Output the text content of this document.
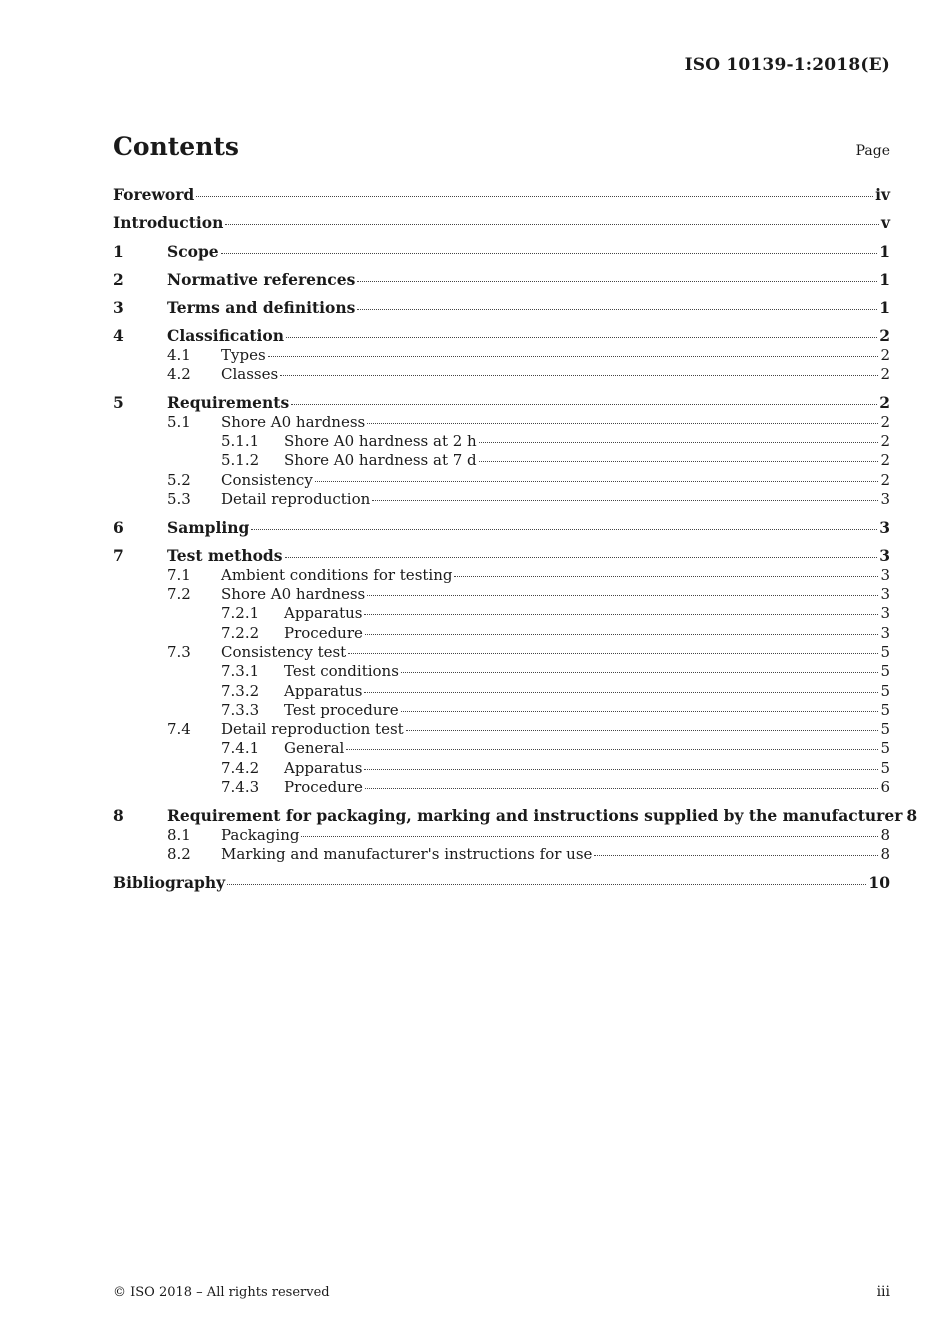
ISO 10139-1:2018(E)
Contents	Page
Foreword	iv
Introduction	v
1	Scope	1
2	Normative references	1
3	Terms and definitions	1
4	Classification	2
4.1	Types	2
4.2	Classes	2
5	Requirements	2
5.1	Shore A0 hardness	2
5.1.1	Shore A0 hardness at 2 h	2
5.1.2	Shore A0 hardness at 7 d	2
5.2	Consistency	2
5.3	Detail reproduction	3
6	Sampling	3
7	Test methods	3
7.1	Ambient conditions for testing	3
7.2	Shore A0 hardness	3
7.2.1	Apparatus	3
7.2.2	Procedure	3
7.3	Consistency test	5
7.3.1	Test conditions	5
7.3.2	Apparatus	5
7.3.3	Test procedure	5
7.4	Detail reproduction test	5
7.4.1	General	5
7.4.2	Apparatus	5
7.4.3	Procedure	6
8	Requirement for packaging, marking and instructions supplied by the manufacturer 8
8.1	Packaging	8
8.2	Marking and manufacturer's instructions for use	8
Bibliography	10
© ISO 2018 – All rights reserved	iii
